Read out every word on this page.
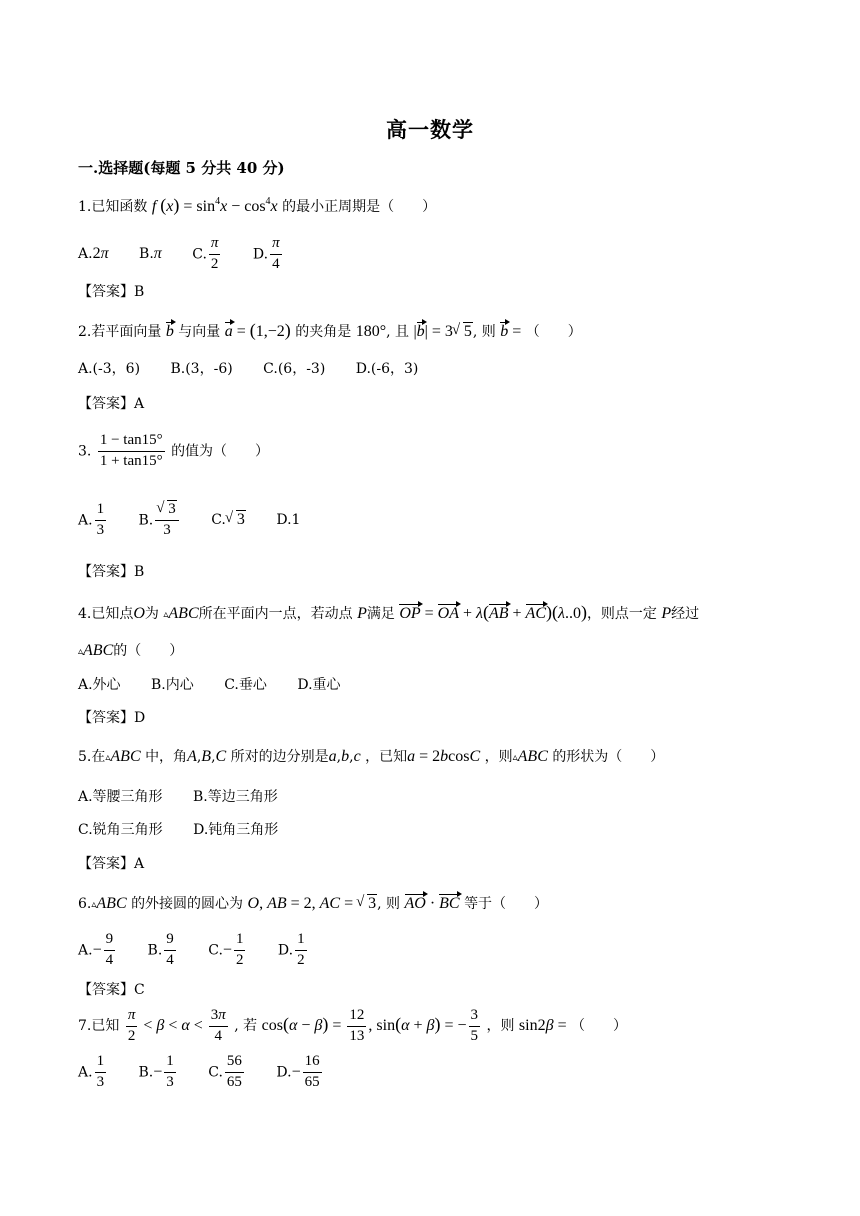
高一数学
一.选择题(每题 5 分共 40 分)
1.已知函数 f $(x) = \sin^4x - \cos^4x$ 的最小正周期是（　　）
A.2π B.π C. $\frac{\pi}{2} D$. $\frac{\pi}{4}$
【答案】B
2.若平面向量 b 与向量 a = (1,−2) 的夹角是 180°, 且 |b| = 3√ 5, 则 b = （　　）
A.(-3，6) B.(3，-6) C.(6，-3) D.(-6，3)
【答案】A
3. $\frac{1 - \tan 15^\circ}{1 + \tan 15^\circ}$ 的值为（　　）
A. $\frac{1}{3} B$.
√ $\frac{3}{3} C.√$ 3 D.1
【答案】B
4.已知点O为 ▵ABC所在平面内一点，若动点 P满足 OP = OA + λ(AB + AC)(λ..0)，则点一定 P经过
▵ABC的（　　）
A.外心 B.内心 C.垂心 D.重心
【答案】D
5.在▵ABC 中，角A,B,C 所对的边分别是a,b,c ，已知a = 2bcosC ，则▵ABC 的形状为（　　）
A.等腰三角形 B.等边三角形
C.锐角三角形 D.钝角三角形
【答案】A
6.▵ABC 的外接圆的圆心为 O, AB = 2, AC = √ 3, 则 AO · BC 等于（　　）
$A.- \frac{9}{4} B$. $\frac{9}{4} C.- \frac{1}{2} D$. $\frac{1}{2}$
【答案】C
7.已知 $\frac{\pi}{2} < \beta < \alpha < \frac{3\pi}{4}$ , 若 $\cos(\alpha - \beta) = \frac{12}{13}$ , sin(α + β) = − $\frac{3}{5}$ ，则 sin2β = （　　）
A. $\frac{1}{3} B.- \frac{1}{3} C$. $\frac{56}{65} D.- \frac{16}{65}$
